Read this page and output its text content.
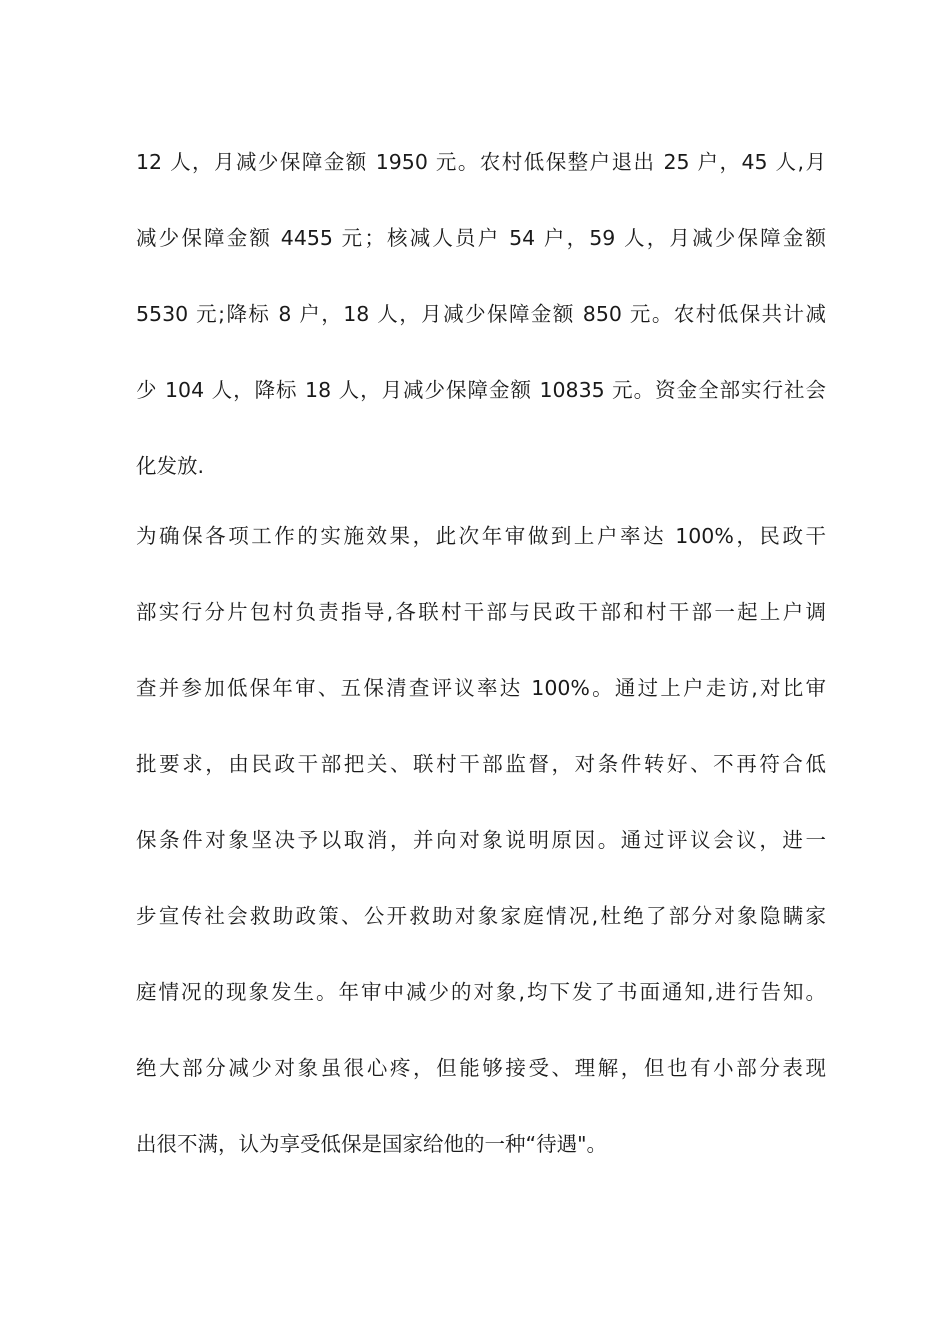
12 人，月减少保障金额 1950 元。农村低保整户退出 25 户，45 人,月
减少保障金额 4455 元；核减人员户 54 户，59 人，月减少保障金额
5530 元;降标 8 户，18 人，月减少保障金额 850 元。农村低保共计减
少 104 人，降标 18 人，月减少保障金额 10835 元。资金全部实行社会
化发放.
为确保各项工作的实施效果，此次年审做到上户率达 100%，民政干
部实行分片包村负责指导,各联村干部与民政干部和村干部一起上户调
查并参加低保年审、五保清查评议率达 100%。通过上户走访,对比审
批要求，由民政干部把关、联村干部监督，对条件转好、不再符合低
保条件对象坚决予以取消，并向对象说明原因。通过评议会议，进一
步宣传社会救助政策、公开救助对象家庭情况,杜绝了部分对象隐瞒家
庭情况的现象发生。年审中减少的对象,均下发了书面通知,进行告知。
绝大部分减少对象虽很心疼，但能够接受、理解，但也有小部分表现
出很不满，认为享受低保是国家给他的一种“待遇"。
